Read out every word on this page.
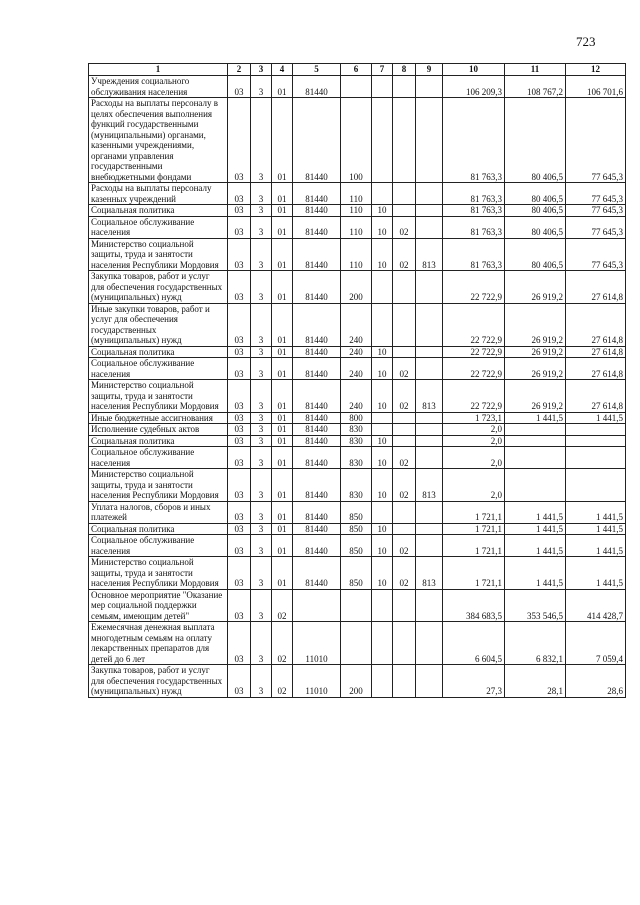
723
1	2	3	4	5	6	7	8	9	10	11	12
Учреждения социального обслуживания населения	03	3	01	81440					106 209,3	108 767,2	106 701,6
Расходы на выплаты персоналу в целях обеспечения выполнения функций государственными (муниципальными) органами, казенными учреждениями, органами управления государственными внебюджетными фондами	03	3	01	81440	100				81 763,3	80 406,5	77 645,3
Расходы на выплаты персоналу казенных учреждений	03	3	01	81440	110				81 763,3	80 406,5	77 645,3
Социальная политика	03	3	01	81440	110	10			81 763,3	80 406,5	77 645,3
Социальное обслуживание населения	03	3	01	81440	110	10	02		81 763,3	80 406,5	77 645,3
Министерство социальной защиты, труда и занятости населения Республики Мордовия	03	3	01	81440	110	10	02	813	81 763,3	80 406,5	77 645,3
Закупка товаров, работ и услуг для обеспечения государственных (муниципальных) нужд	03	3	01	81440	200				22 722,9	26 919,2	27 614,8
Иные закупки товаров, работ и услуг для обеспечения государственных (муниципальных) нужд	03	3	01	81440	240				22 722,9	26 919,2	27 614,8
Социальная политика	03	3	01	81440	240	10			22 722,9	26 919,2	27 614,8
Социальное обслуживание населения	03	3	01	81440	240	10	02		22 722,9	26 919,2	27 614,8
Министерство социальной защиты, труда и занятости населения Республики Мордовия	03	3	01	81440	240	10	02	813	22 722,9	26 919,2	27 614,8
Иные бюджетные ассигнования	03	3	01	81440	800				1 723,1	1 441,5	1 441,5
Исполнение судебных актов	03	3	01	81440	830				2,0		
Социальная политика	03	3	01	81440	830	10			2,0		
Социальное обслуживание населения	03	3	01	81440	830	10	02		2,0		
Министерство социальной защиты, труда и занятости населения Республики Мордовия	03	3	01	81440	830	10	02	813	2,0		
Уплата налогов, сборов и иных платежей	03	3	01	81440	850				1 721,1	1 441,5	1 441,5
Социальная политика	03	3	01	81440	850	10			1 721,1	1 441,5	1 441,5
Социальное обслуживание населения	03	3	01	81440	850	10	02		1 721,1	1 441,5	1 441,5
Министерство социальной защиты, труда и занятости населения Республики Мордовия	03	3	01	81440	850	10	02	813	1 721,1	1 441,5	1 441,5
Основное мероприятие "Оказание мер социальной поддержки семьям, имеющим детей"	03	3	02						384 683,5	353 546,5	414 428,7
Ежемесячная денежная выплата многодетным семьям на оплату лекарственных препаратов для детей до 6 лет	03	3	02	11010					6 604,5	6 832,1	7 059,4
Закупка товаров, работ и услуг для обеспечения государственных (муниципальных) нужд	03	3	02	11010	200				27,3	28,1	28,6
